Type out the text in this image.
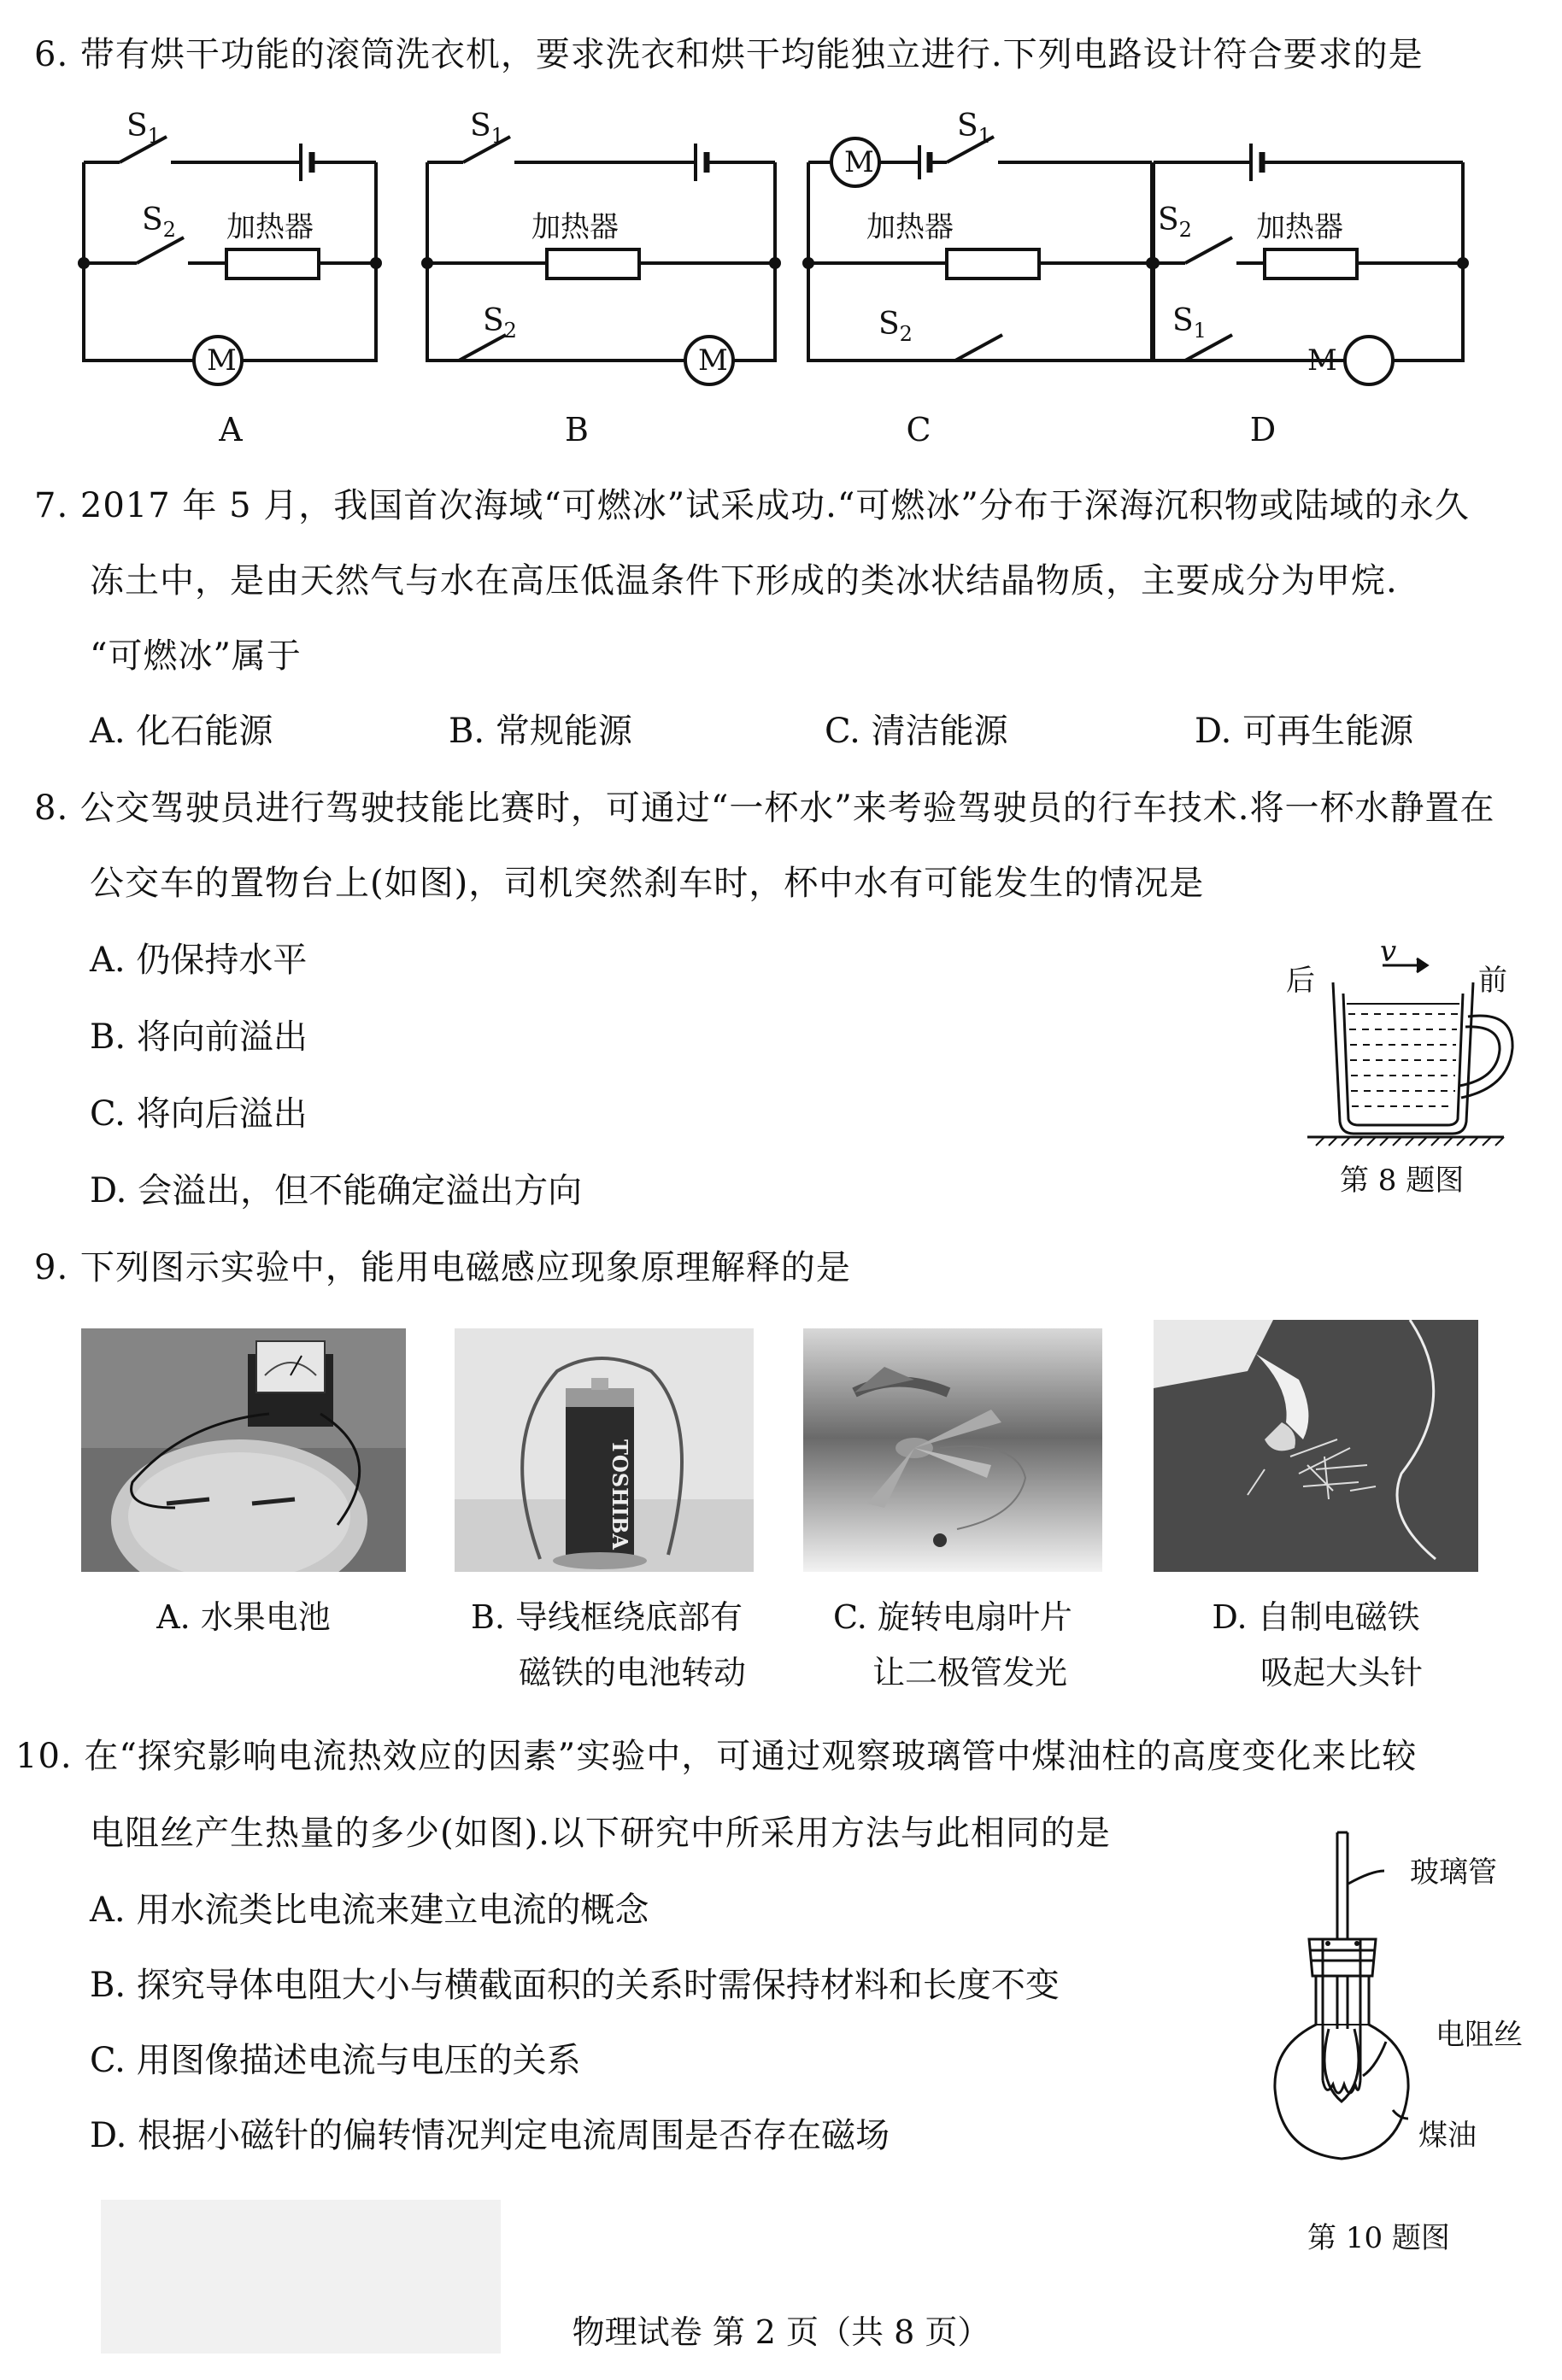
6. 带有烘干功能的滚筒洗衣机，要求洗衣和烘干均能独立进行.下列电路设计符合要求的是
$S_1$
$S_2$ 加热器
M
$S_1$
加热器
$S_2$
M
M
$S_1$
加热器
$S_2$
$S_2$ 加热器
$S_1$
M
A	B	C	D
7. 2017 年 5 月，我国首次海域“可燃冰”试采成功.“可燃冰”分布于深海沉积物或陆域的永久
冻土中，是由天然气与水在高压低温条件下形成的类冰状结晶物质，主要成分为甲烷.
“可燃冰”属于
A. 化石能源	B. 常规能源	C. 清洁能源	D. 可再生能源
8. 公交驾驶员进行驾驶技能比赛时，可通过“一杯水”来考验驾驶员的行车技术.将一杯水静置在
公交车的置物台上(如图)，司机突然刹车时，杯中水有可能发生的情况是
A. 仍保持水平
B. 将向前溢出
C. 将向后溢出
D. 会溢出，但不能确定溢出方向
后	前
v
第 8 题图
9. 下列图示实验中，能用电磁感应现象原理解释的是
TOSHIBA
A. 水果电池	B. 导线框绕底部有
磁铁的电池转动
C. 旋转电扇叶片
让二极管发光
D. 自制电磁铁
吸起大头针
10. 在“探究影响电流热效应的因素”实验中，可通过观察玻璃管中煤油柱的高度变化来比较
电阻丝产生热量的多少(如图).以下研究中所采用方法与此相同的是
A. 用水流类比电流来建立电流的概念
B. 探究导体电阻大小与横截面积的关系时需保持材料和长度不变
C. 用图像描述电流与电压的关系
D. 根据小磁针的偏转情况判定电流周围是否存在磁场
玻璃管
电阻丝
煤油
第 10 题图
物理试卷 第 2 页（共 8 页）
